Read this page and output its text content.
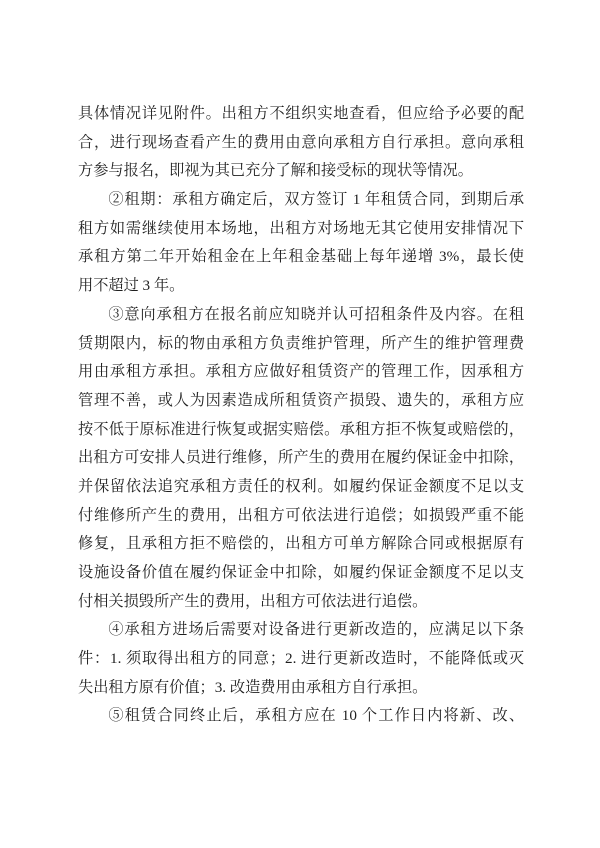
具体情况详见附件。出租方不组织实地查看，但应给予必要的配
合，进行现场查看产生的费用由意向承租方自行承担。意向承租
方参与报名，即视为其已充分了解和接受标的现状等情况。
②租期：承租方确定后，双方签订 1 年租赁合同，到期后承
租方如需继续使用本场地，出租方对场地无其它使用安排情况下
承租方第二年开始租金在上年租金基础上每年递增 3%，最长使
用不超过 3 年。
③意向承租方在报名前应知晓并认可招租条件及内容。在租
赁期限内，标的物由承租方负责维护管理，所产生的维护管理费
用由承租方承担。承租方应做好租赁资产的管理工作，因承租方
管理不善，或人为因素造成所租赁资产损毁、遗失的，承租方应
按不低于原标准进行恢复或据实赔偿。承租方拒不恢复或赔偿的，
出租方可安排人员进行维修，所产生的费用在履约保证金中扣除，
并保留依法追究承租方责任的权利。如履约保证金额度不足以支
付维修所产生的费用，出租方可依法进行追偿；如损毁严重不能
修复，且承租方拒不赔偿的，出租方可单方解除合同或根据原有
设施设备价值在履约保证金中扣除，如履约保证金额度不足以支
付相关损毁所产生的费用，出租方可依法进行追偿。
④承租方进场后需要对设备进行更新改造的，应满足以下条
件：1. 须取得出租方的同意；2. 进行更新改造时，不能降低或灭
失出租方原有价值；3. 改造费用由承租方自行承担。
⑤租赁合同终止后，承租方应在 10 个工作日内将新、改、
